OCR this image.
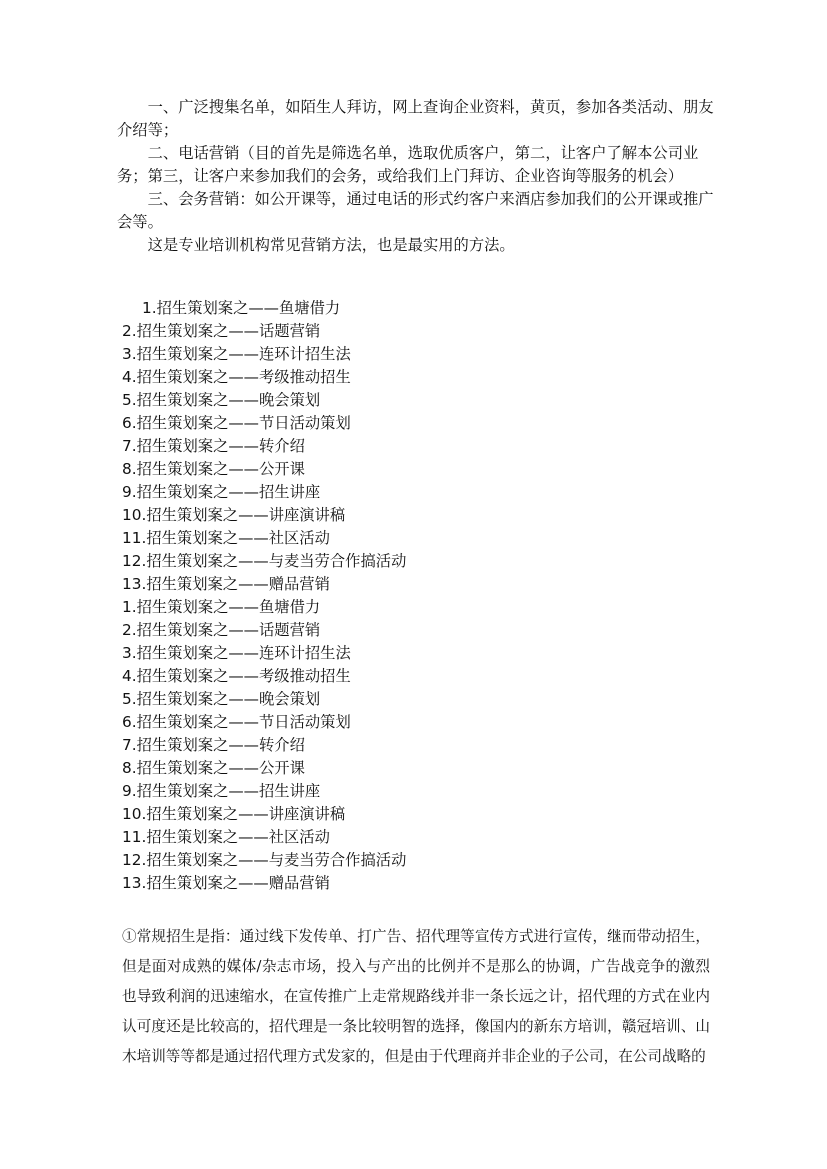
一、广泛搜集名单，如陌生人拜访，网上查询企业资料，黄页，参加各类活动、朋友介绍等；

二、电话营销（目的首先是筛选名单，选取优质客户，第二，让客户了解本公司业务；第三，让客户来参加我们的会务，或给我们上门拜访、企业咨询等服务的机会）

三、会务营销：如公开课等，通过电话的形式约客户来酒店参加我们的公开课或推广会等。

这是专业培训机构常见营销方法，也是最实用的方法。

1.招生策划案之——鱼塘借力
2.招生策划案之——话题营销
3.招生策划案之——连环计招生法
4.招生策划案之——考级推动招生
5.招生策划案之——晚会策划
6.招生策划案之——节日活动策划
7.招生策划案之——转介绍
8.招生策划案之——公开课
9.招生策划案之——招生讲座
10.招生策划案之——讲座演讲稿
11.招生策划案之——社区活动
12.招生策划案之——与麦当劳合作搞活动
13.招生策划案之——赠品营销
1.招生策划案之——鱼塘借力
2.招生策划案之——话题营销
3.招生策划案之——连环计招生法
4.招生策划案之——考级推动招生
5.招生策划案之——晚会策划
6.招生策划案之——节日活动策划
7.招生策划案之——转介绍
8.招生策划案之——公开课
9.招生策划案之——招生讲座
10.招生策划案之——讲座演讲稿
11.招生策划案之——社区活动
12.招生策划案之——与麦当劳合作搞活动
13.招生策划案之——赠品营销

①常规招生是指：通过线下发传单、打广告、招代理等宣传方式进行宣传，继而带动招生，但是面对成熟的媒体/杂志市场，投入与产出的比例并不是那么的协调，广告战竞争的激烈也导致利润的迅速缩水，在宣传推广上走常规路线并非一条长远之计，招代理的方式在业内认可度还是比较高的，招代理是一条比较明智的选择，像国内的新东方培训，赣冠培训、山木培训等等都是通过招代理方式发家的，但是由于代理商并非企业的子公司，在公司战略的
